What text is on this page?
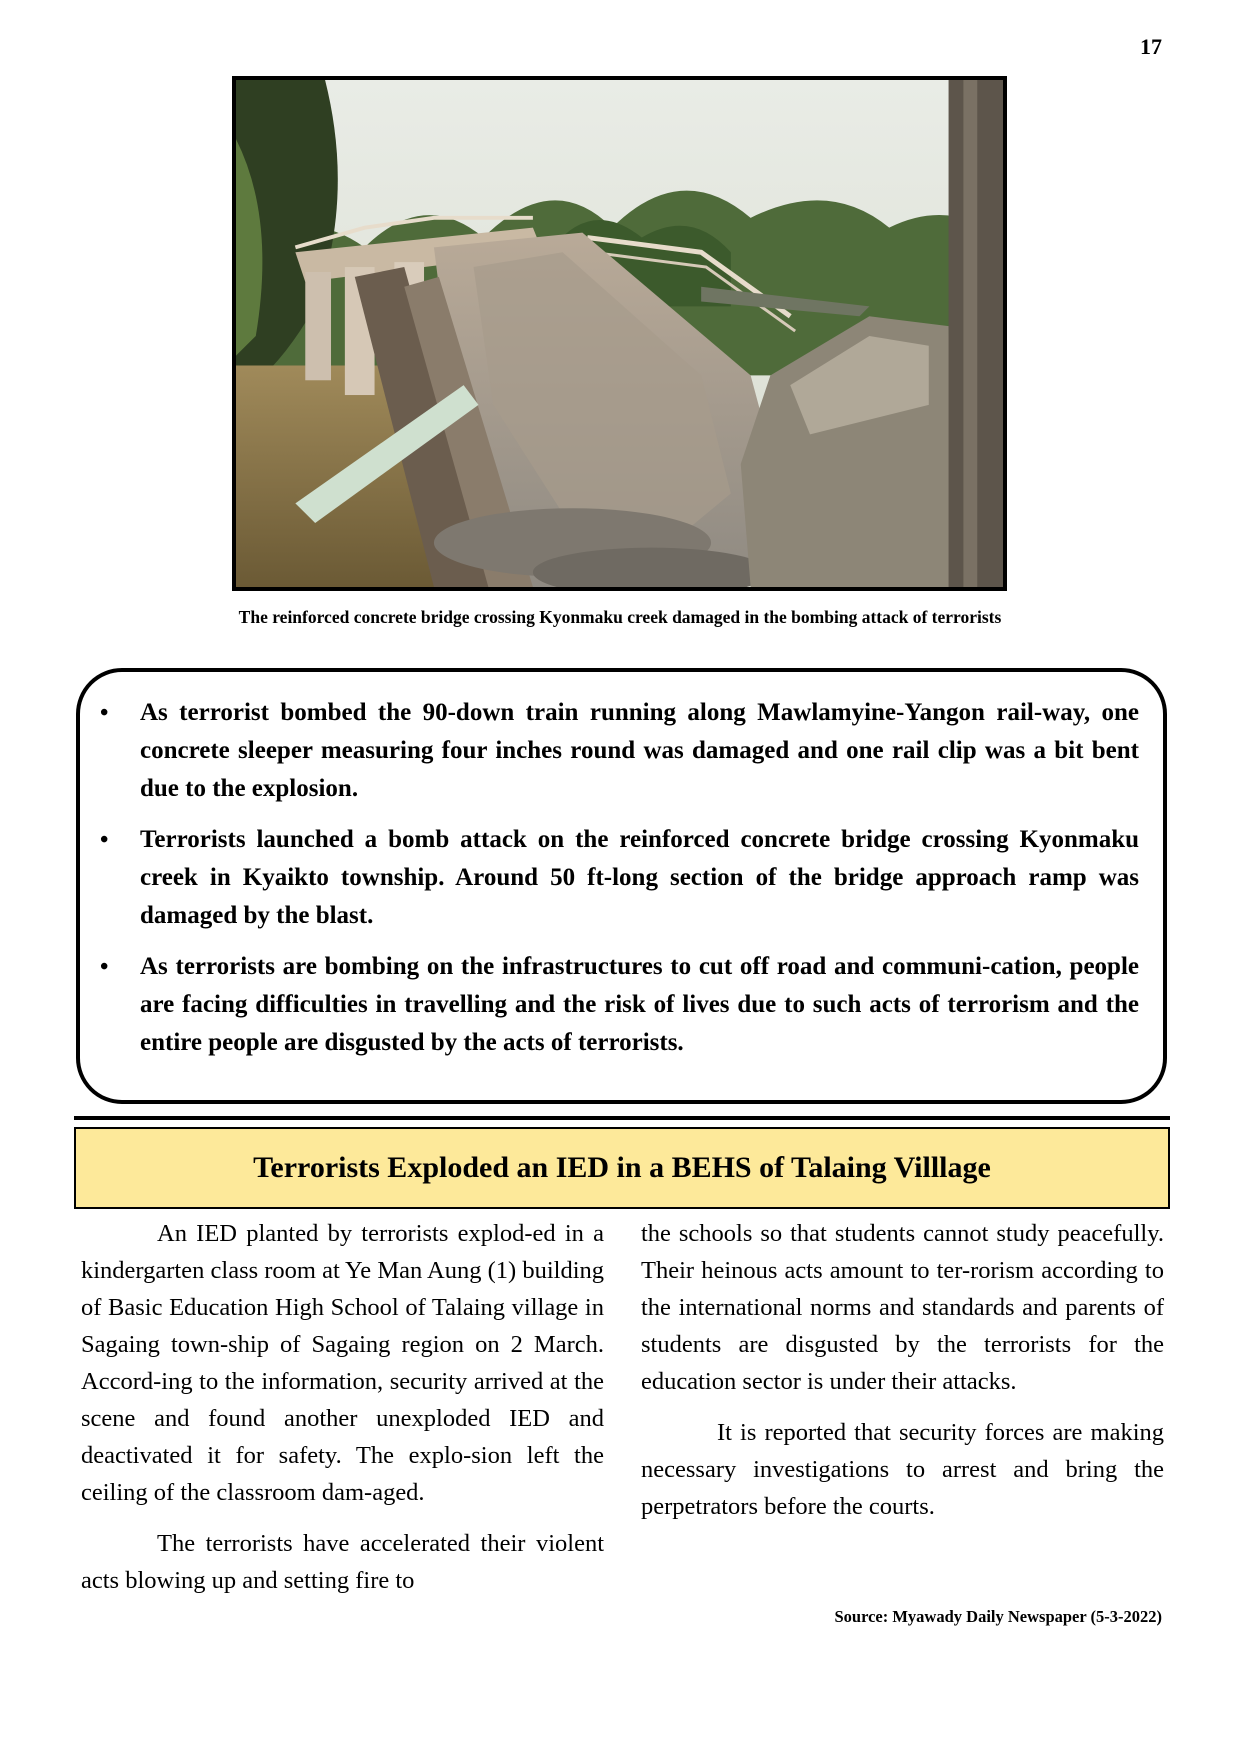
17
The reinforced concrete bridge crossing Kyonmaku creek damaged in the bombing attack of terrorists
• As terrorist bombed the 90-down train running along Mawlamyine-Yangon rail-way, one concrete sleeper measuring four inches round was damaged and one rail clip was a bit bent due to the explosion.
• Terrorists launched a bomb attack on the reinforced concrete bridge crossing Kyonmaku creek in Kyaikto township. Around 50 ft-long section of the bridge approach ramp was damaged by the blast.
• As terrorists are bombing on the infrastructures to cut off road and communi-cation, people are facing difficulties in travelling and the risk of lives due to such acts of terrorism and the entire people are disgusted by the acts of terrorists.
Terrorists Exploded an IED in a BEHS of Talaing Villlage

An IED planted by terrorists explod-ed in a kindergarten class room at Ye Man Aung (1) building of Basic Education High School of Talaing village in Sagaing town-ship of Sagaing region on 2 March. Accord-ing to the information, security arrived at the scene and found another unexploded IED and deactivated it for safety. The explo-sion left the ceiling of the classroom dam-aged.

The terrorists have accelerated their violent acts blowing up and setting fire to

the schools so that students cannot study peacefully. Their heinous acts amount to ter-rorism according to the international norms and standards and parents of students are disgusted by the terrorists for the education sector is under their attacks.

It is reported that security forces are making necessary investigations to arrest and bring the perpetrators before the courts.

Source: Myawady Daily Newspaper (5-3-2022)
